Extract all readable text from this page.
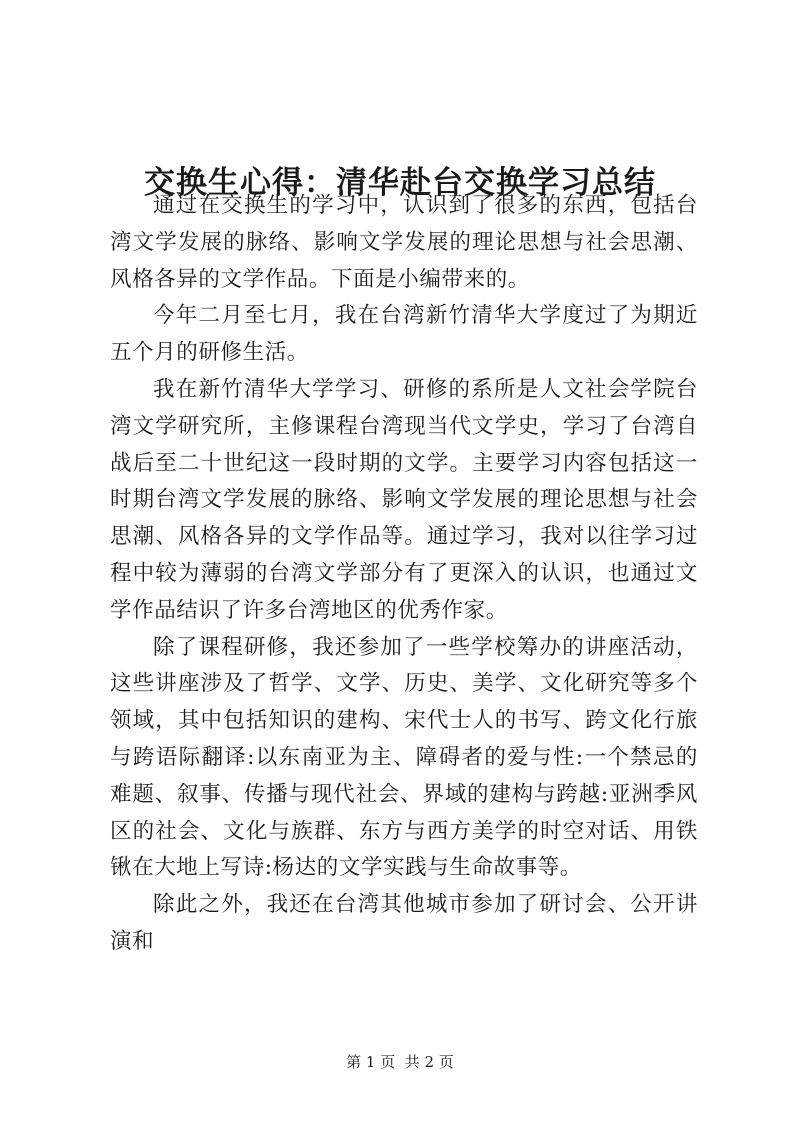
交换生心得：清华赴台交换学习总结

通过在交换生的学习中，认识到了很多的东西，包括台湾文学发展的脉络、影响文学发展的理论思想与社会思潮、风格各异的文学作品。下面是小编带来的。

今年二月至七月，我在台湾新竹清华大学度过了为期近五个月的研修生活。

我在新竹清华大学学习、研修的系所是人文社会学院台湾文学研究所，主修课程台湾现当代文学史，学习了台湾自战后至二十世纪这一段时期的文学。主要学习内容包括这一时期台湾文学发展的脉络、影响文学发展的理论思想与社会思潮、风格各异的文学作品等。通过学习，我对以往学习过程中较为薄弱的台湾文学部分有了更深入的认识，也通过文学作品结识了许多台湾地区的优秀作家。

除了课程研修，我还参加了一些学校筹办的讲座活动，这些讲座涉及了哲学、文学、历史、美学、文化研究等多个领域，其中包括知识的建构、宋代士人的书写、跨文化行旅与跨语际翻译:以东南亚为主、障碍者的爱与性:一个禁忌的难题、叙事、传播与现代社会、界域的建构与跨越:亚洲季风区的社会、文化与族群、东方与西方美学的时空对话、用铁锹在大地上写诗:杨达的文学实践与生命故事等。

除此之外，我还在台湾其他城市参加了研讨会、公开讲演和

第 1 页  共 2 页
